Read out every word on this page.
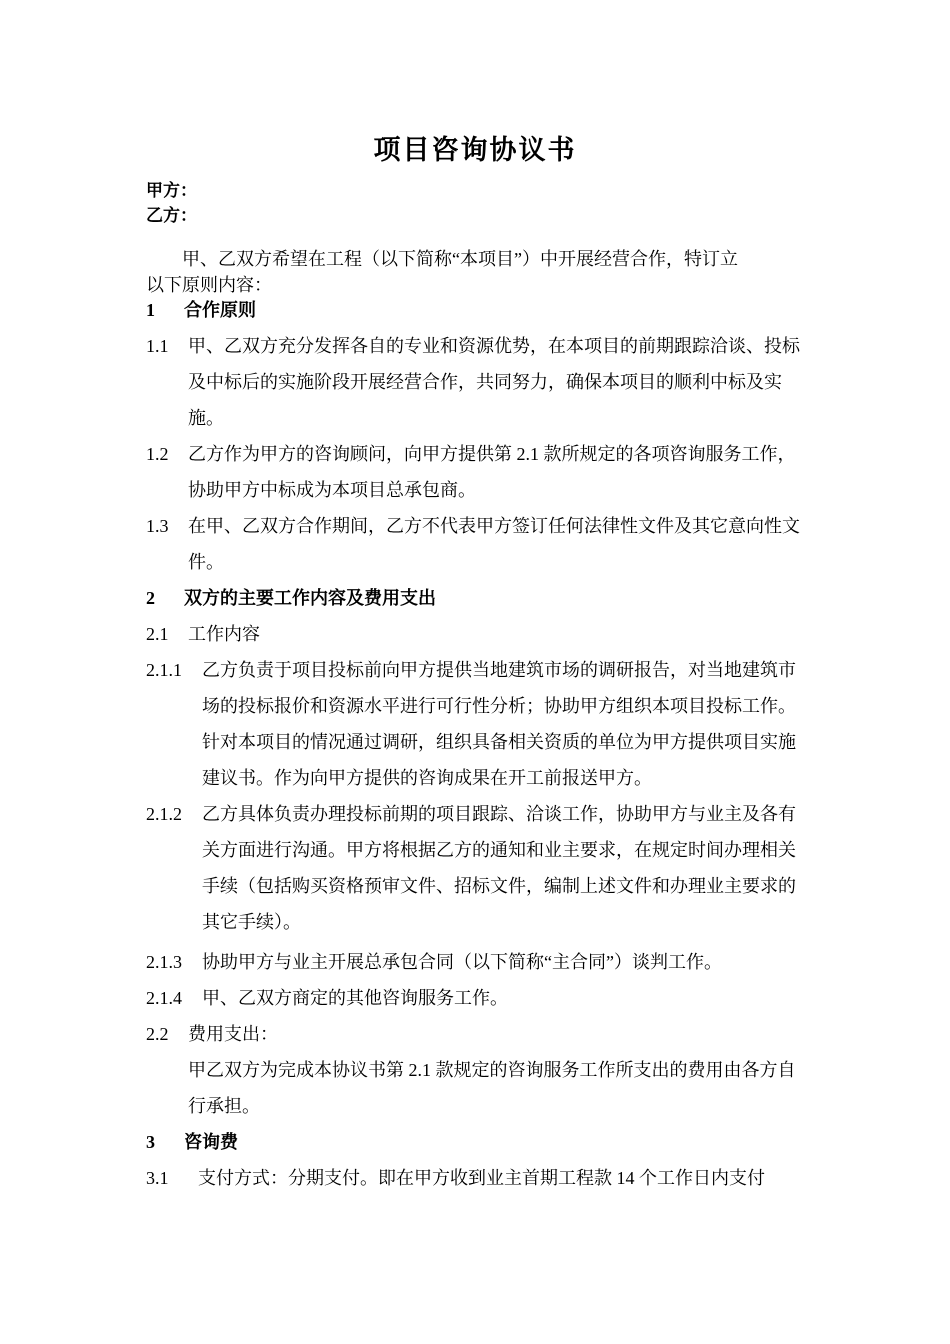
项目咨询协议书
甲方：
乙方：
甲、乙双方希望在工程（以下简称“本项目”）中开展经营合作，特订立
以下原则内容：
1	合作原则
1.1	甲、乙双方充分发挥各自的专业和资源优势，在本项目的前期跟踪洽谈、投标及中标后的实施阶段开展经营合作，共同努力，确保本项目的顺利中标及实施。
1.2	乙方作为甲方的咨询顾问，向甲方提供第 2.1 款所规定的各项咨询服务工作，协助甲方中标成为本项目总承包商。
1.3	在甲、乙双方合作期间，乙方不代表甲方签订任何法律性文件及其它意向性文件。
2	双方的主要工作内容及费用支出
2.1	工作内容
2.1.1	乙方负责于项目投标前向甲方提供当地建筑市场的调研报告，对当地建筑市场的投标报价和资源水平进行可行性分析；协助甲方组织本项目投标工作。针对本项目的情况通过调研，组织具备相关资质的单位为甲方提供项目实施建议书。作为向甲方提供的咨询成果在开工前报送甲方。
2.1.2	乙方具体负责办理投标前期的项目跟踪、洽谈工作，协助甲方与业主及各有关方面进行沟通。甲方将根据乙方的通知和业主要求，在规定时间办理相关手续（包括购买资格预审文件、招标文件，编制上述文件和办理业主要求的其它手续）。
2.1.3	协助甲方与业主开展总承包合同（以下简称“主合同”）谈判工作。
2.1.4	甲、乙双方商定的其他咨询服务工作。
2.2	费用支出：
甲乙双方为完成本协议书第 2.1 款规定的咨询服务工作所支出的费用由各方自行承担。
3	咨询费
3.1	支付方式：分期支付。即在甲方收到业主首期工程款 14 个工作日内支付
